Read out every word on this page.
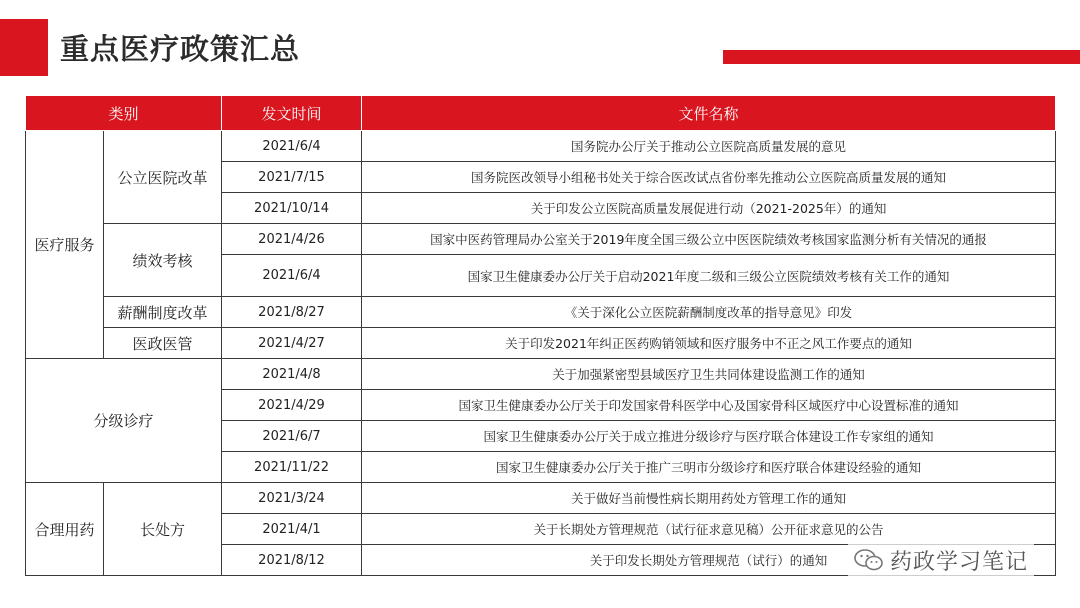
重点医疗政策汇总
类别		发文时间	文件名称
医疗服务	公立医院改革	2021/6/4	国务院办公厅关于推动公立医院高质量发展的意见
		2021/7/15	国务院医改领导小组秘书处关于综合医改试点省份率先推动公立医院高质量发展的通知
		2021/10/14	关于印发公立医院高质量发展促进行动（2021-2025年）的通知
	绩效考核	2021/4/26	国家中医药管理局办公室关于2019年度全国三级公立中医医院绩效考核国家监测分析有关情况的通报
		2021/6/4	国家卫生健康委办公厅关于启动2021年度二级和三级公立医院绩效考核有关工作的通知
	薪酬制度改革	2021/8/27	《关于深化公立医院薪酬制度改革的指导意见》印发
	医政医管	2021/4/27	关于印发2021年纠正医药购销领域和医疗服务中不正之风工作要点的通知
分级诊疗		2021/4/8	关于加强紧密型县域医疗卫生共同体建设监测工作的通知
		2021/4/29	国家卫生健康委办公厅关于印发国家骨科医学中心及国家骨科区域医疗中心设置标准的通知
		2021/6/7	国家卫生健康委办公厅关于成立推进分级诊疗与医疗联合体建设工作专家组的通知
		2021/11/22	国家卫生健康委办公厅关于推广三明市分级诊疗和医疗联合体建设经验的通知
合理用药	长处方	2021/3/24	关于做好当前慢性病长期用药处方管理工作的通知
		2021/4/1	关于长期处方管理规范（试行征求意见稿）公开征求意见的公告
		2021/8/12	关于印发长期处方管理规范（试行）的通知	药政学习笔记
